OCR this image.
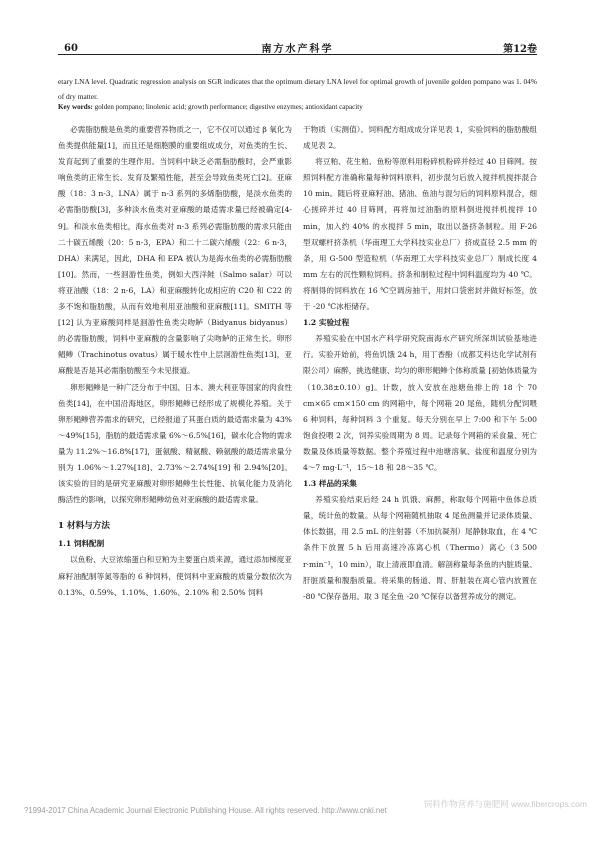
60	南方水产科学	第12卷
etary LNA level. Quadratic regression analysis on SGR indicates that the optimum dietary LNA level for optimal growth of juvenile golden pompano was 1. 04% of dry matter.
Key words: golden pompano; linolenic acid; growth performance; digestive enzymes; antioxidant capacity

必需脂肪酸是鱼类的重要营养物质之一，它不仅可以通过 β 氧化为鱼类提供能量[1]，而且还是细胞膜的重要组成成分，对鱼类的生长、发育起到了重要的生理作用。当饲料中缺乏必需脂肪酸时，会严重影响鱼类的正常生长、发育及繁殖性能，甚至会导致鱼类死亡[2]。亚麻酸（18：3 n-3，LNA）属于 n-3 系列的多烯脂肪酸，是淡水鱼类的必需脂肪酸[3]，多种淡水鱼类对亚麻酸的最适需求量已经被确定[4-9]。和淡水鱼类相比，海水鱼类对 n-3 系列必需脂肪酸的需求只能由二十碳五烯酸（20：5 n-3，EPA）和二十二碳六烯酸（22：6 n-3，DHA）来满足，因此，DHA 和 EPA 被认为是海水鱼类的必需脂肪酸[10]。然而，一些洄游性鱼类，例如大西洋鲑（Salmo salar）可以将亚油酸（18：2 n-6，LA）和亚麻酸转化成相应的 C20 和 C22 的多不饱和脂肪酸，从而有效地利用亚油酸和亚麻酸[11]。SMITH 等[12] 认为亚麻酸同样是洄游性鱼类尖吻鲈（Bidyanus bidyanus）的必需脂肪酸，饲料中亚麻酸的含量影响了尖吻鲈的正常生长。卵形鲳鲹（Trachinotus ovatus）属于暖水性中上层洄游性鱼类[13]，亚麻酸是否是其必需脂肪酸至今未见报道。

卵形鲳鲹是一种广泛分布于中国、日本、澳大利亚等国家的肉食性鱼类[14]，在中国沿海地区，卵形鲳鲹已经形成了规模化养殖。关于卵形鲳鲹营养需求的研究，已经报道了其蛋白质的最适需求量为 43%～49%[15]，脂肪的最适需求量 6%～6.5%[16]，碳水化合物的需求量为 11.2%～16.8%[17]，蛋氨酸、精氨酸、赖氨酸的最适需求量分别为 1.06%～1.27%[18]、2.73%～2.74%[19] 和 2.94%[20]。该实验的目的是研究亚麻酸对卵形鲳鲹生长性能、抗氧化能力及消化酶活性的影响，以探究卵形鲳鲹幼鱼对亚麻酸的最适需求量。

1 材料与方法
1.1 饲料配制

以鱼粉、大豆浓缩蛋白和豆粕为主要蛋白质来源，通过添加梯度亚麻籽油配制等氮等脂的 6 种饲料，使饲料中亚麻酸的质量分数依次为 0.13%、0.59%、1.10%、1.60%、2.10% 和 2.50% 饲料

干物质（实测值）。饲料配方组成成分详见表 1，实验饲料的脂肪酸组成见表 2。

将豆粕、花生粕、鱼粉等原料用粉碎机粉碎并经过 40 目筛网。按照饲料配方准确称量每种饲料原料，初步混匀后放入搅拌机搅拌混合 10 min。随后将亚麻籽油、猪油、鱼油与混匀后的饲料原料混合，细心搓碎并过 40 目筛网，再将加过油脂的原料倒进搅拌机搅拌 10 min，加入约 40% 的水搅拌 5 min，取出以备挤条制粒。用 F-26 型双螺杆挤条机（华南理工大学科技实业总厂）挤成直径 2.5 mm 的条，用 G-500 型造粒机（华南理工大学科技实业总厂）制成长度 4 mm 左右的沉性颗粒饲料。挤条和制粒过程中饲料温度均为 40 ℃。将制得的饲料放在 16 ℃空调房抽干，用封口袋密封并做好标签，放于 -20 ℃冰柜储存。

1.2 实验过程

养殖实验在中国水产科学研究院南海水产研究所深圳试验基地进行。实验开始前，将鱼饥饿 24 h，用丁香酚（成都艾科达化学试剂有限公司）麻醉，挑选健康、均匀的卵形鲳鲹个体称质量 [初始体质量为（10.38±0.10）g]。计数，放入安放在池塘鱼排上的 18 个 70 cm×65 cm×150 cm 的网箱中，每个网箱 20 尾鱼，随机分配饲喂 6 种饲料，每种饲料 3 个重复。每天分别在早上 7:00 和下午 5:00 饱食投喂 2 次，饲养实验周期为 8 周。记录每个网箱的采食量、死亡数量及体质量等数据。整个养殖过程中池塘溶氧、盐度和温度分别为 4～7 mg·L⁻¹，15～18 和 28～35 ℃。

1.3 样品的采集

养殖实验结束后经 24 h 饥饿、麻醉，称取每个网箱中鱼体总质量，统计鱼的数量。从每个网箱随机抽取 4 尾鱼测量并记录体质量、体长数据，用 2.5 mL 的注射器（不加抗凝剂）尾静脉取血，在 4 ℃条件下放置 5 h 后用高速冷冻离心机（Thermo）离心（3 500 r·min⁻¹，10 min），取上清液即血清。解剖称量每条鱼的内脏质量、肝脏质量和腹脂质量。将采集的肠道、胃、肝脏装在离心管内放置在 -80 ℃保存备用。取 3 尾全鱼 -20 ℃保存以备营养成分的测定。

?1994-2017 China Academic Journal Electronic Publishing House. All rights reserved. http://www.cnki.net
饲料作物营养与施肥网 www.fibercrops.com
